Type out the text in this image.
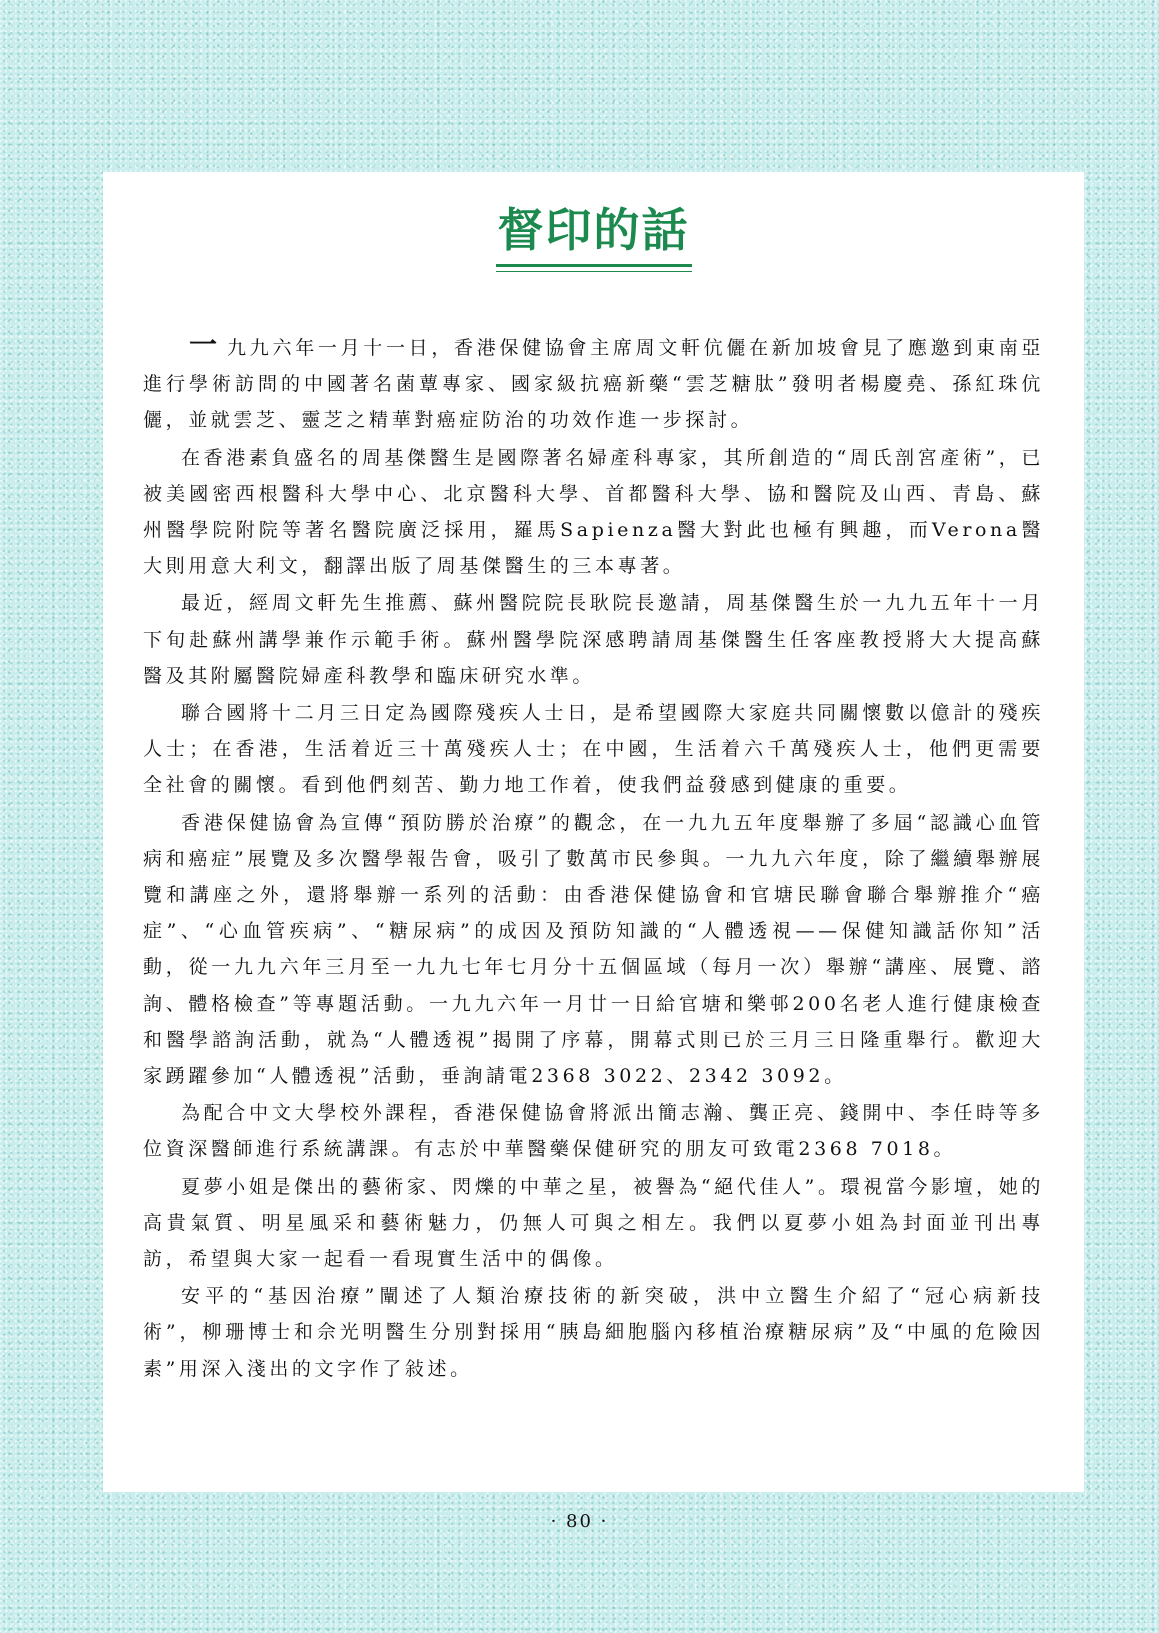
督印的話

一九九六年一月十一日，香港保健協會主席周文軒伉儷在新加坡會見了應邀到東南亞進行學術訪問的中國著名菌蕈專家、國家級抗癌新藥“雲芝糖肽”發明者楊慶堯、孫紅珠伉儷，並就雲芝、靈芝之精華對癌症防治的功效作進一步探討。

在香港素負盛名的周基傑醫生是國際著名婦產科專家，其所創造的“周氏剖宮產術”，已被美國密西根醫科大學中心、北京醫科大學、首都醫科大學、協和醫院及山西、青島、蘇州醫學院附院等著名醫院廣泛採用，羅馬Sapienza醫大對此也極有興趣，而Verona醫大則用意大利文，翻譯出版了周基傑醫生的三本專著。

最近，經周文軒先生推薦、蘇州醫院院長耿院長邀請，周基傑醫生於一九九五年十一月下旬赴蘇州講學兼作示範手術。蘇州醫學院深感聘請周基傑醫生任客座教授將大大提高蘇醫及其附屬醫院婦產科教學和臨床研究水準。

聯合國將十二月三日定為國際殘疾人士日，是希望國際大家庭共同關懷數以億計的殘疾人士；在香港，生活着近三十萬殘疾人士；在中國，生活着六千萬殘疾人士，他們更需要全社會的關懷。看到他們刻苦、勤力地工作着，使我們益發感到健康的重要。

香港保健協會為宣傳“預防勝於治療”的觀念，在一九九五年度舉辦了多屆“認識心血管病和癌症”展覽及多次醫學報告會，吸引了數萬市民參與。一九九六年度，除了繼續舉辦展覽和講座之外，還將舉辦一系列的活動：由香港保健協會和官塘民聯會聯合舉辦推介“癌症”、“心血管疾病”、“糖尿病”的成因及預防知識的“人體透視——保健知識話你知”活動，從一九九六年三月至一九九七年七月分十五個區域（每月一次）舉辦“講座、展覽、諮詢、體格檢查”等專題活動。一九九六年一月廿一日給官塘和樂邨200名老人進行健康檢查和醫學諮詢活動，就為“人體透視”揭開了序幕，開幕式則已於三月三日隆重舉行。歡迎大家踴躍參加“人體透視”活動，垂詢請電2368 3022、2342 3092。

為配合中文大學校外課程，香港保健協會將派出簡志瀚、龔正亮、錢開中、李任時等多位資深醫師進行系統講課。有志於中華醫藥保健研究的朋友可致電2368 7018。

夏夢小姐是傑出的藝術家、閃爍的中華之星，被譽為“絕代佳人”。環視當今影壇，她的高貴氣質、明星風采和藝術魅力，仍無人可與之相左。我們以夏夢小姐為封面並刊出專訪，希望與大家一起看一看現實生活中的偶像。

安平的“基因治療”闡述了人類治療技術的新突破，洪中立醫生介紹了“冠心病新技術”，柳珊博士和佘光明醫生分別對採用“胰島細胞腦內移植治療糖尿病”及“中風的危險因素”用深入淺出的文字作了敍述。

· 80 ·
